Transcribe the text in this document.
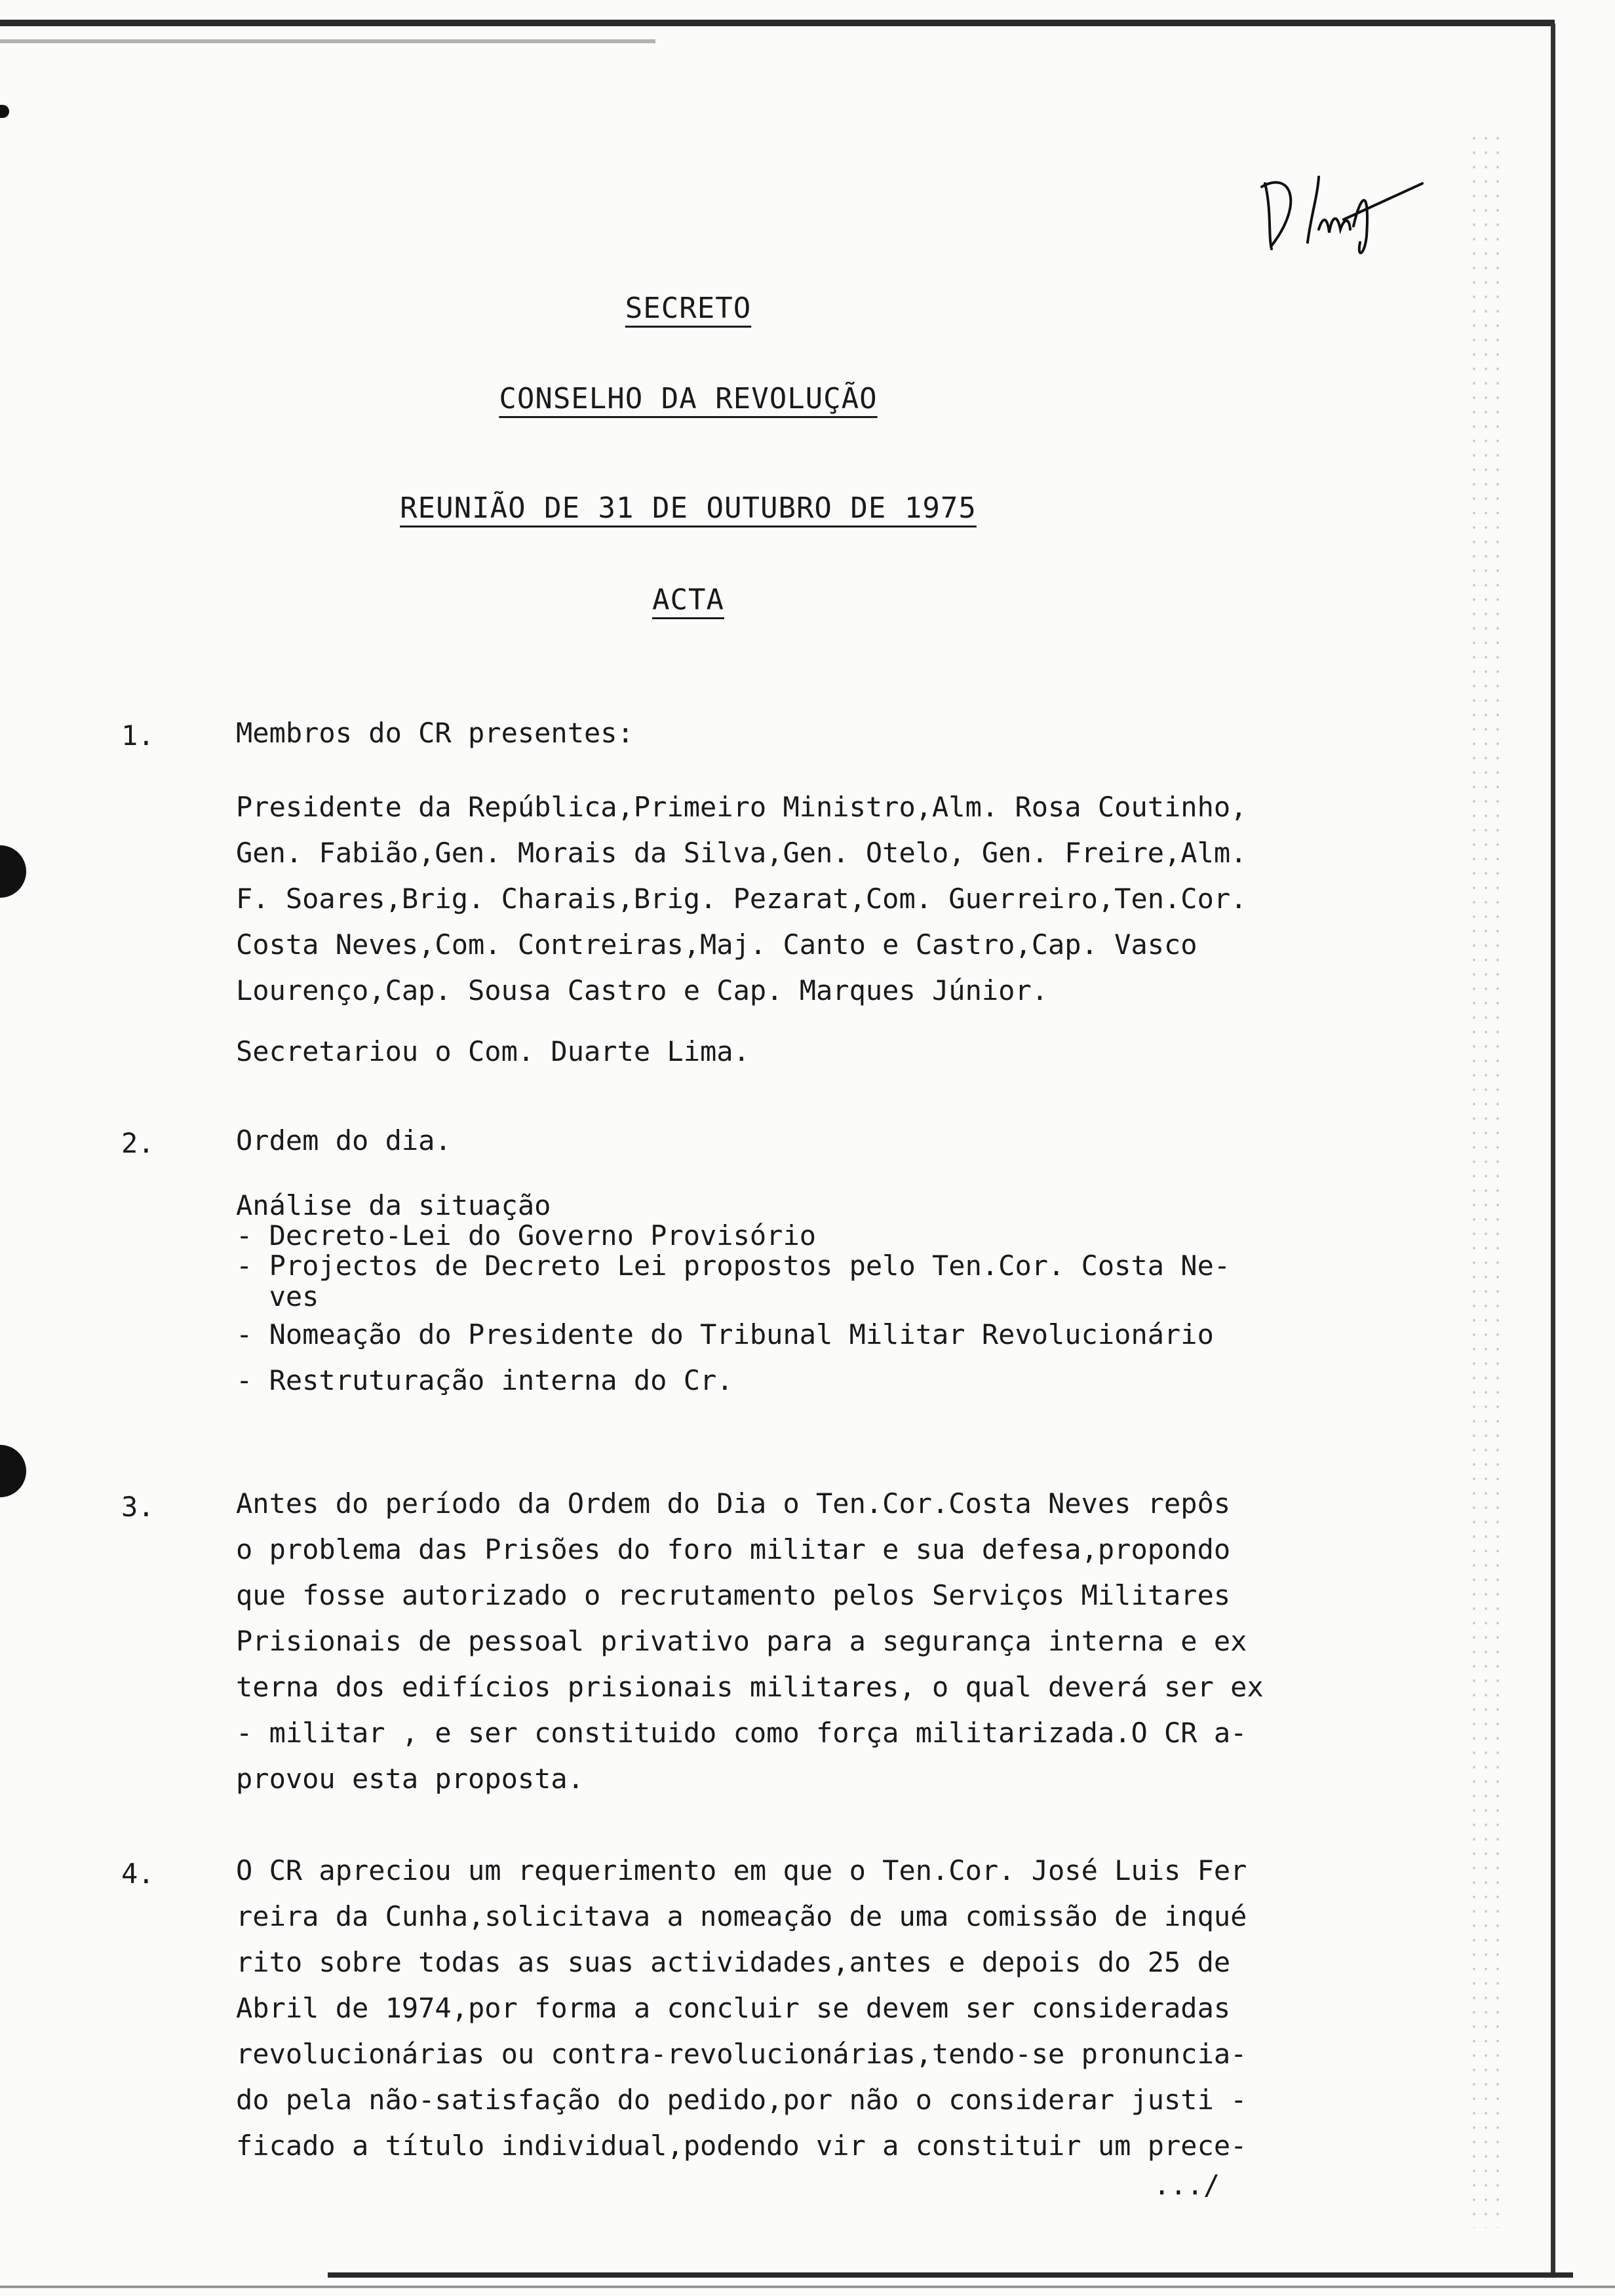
SECRETO
CONSELHO DA REVOLUÇÃO
REUNIÃO DE 31 DE OUTUBRO DE 1975
ACTA
1.	Membros do CR presentes:
Presidente da República,Primeiro Ministro,Alm. Rosa Coutinho,
Gen. Fabião,Gen. Morais da Silva,Gen. Otelo, Gen. Freire,Alm.
F. Soares,Brig. Charais,Brig. Pezarat,Com. Guerreiro,Ten.Cor.
Costa Neves,Com. Contreiras,Maj. Canto e Castro,Cap. Vasco
Lourenço,Cap. Sousa Castro e Cap. Marques Júnior.
Secretariou o Com. Duarte Lima.
2.	Ordem do dia.
Análise da situação
- Decreto-Lei do Governo Provisório
- Projectos de Decreto Lei propostos pelo Ten.Cor. Costa Ne-
ves
- Nomeação do Presidente do Tribunal Militar Revolucionário
- Restruturação interna do Cr.
3.	Antes do período da Ordem do Dia o Ten.Cor.Costa Neves repôs
o problema das Prisões do foro militar e sua defesa,propondo
que fosse autorizado o recrutamento pelos Serviços Militares
Prisionais de pessoal privativo para a segurança interna e ex
terna dos edifícios prisionais militares, o qual deverá ser ex
- militar , e ser constituido como força militarizada.O CR a-
provou esta proposta.
4.	O CR apreciou um requerimento em que o Ten.Cor. José Luis Fer
reira da Cunha,solicitava a nomeação de uma comissão de inqué
rito sobre todas as suas actividades,antes e depois do 25 de
Abril de 1974,por forma a concluir se devem ser consideradas
revolucionárias ou contra-revolucionárias,tendo-se pronuncia-
do pela não-satisfação do pedido,por não o considerar justi -
ficado a título individual,podendo vir a constituir um prece-
.../
